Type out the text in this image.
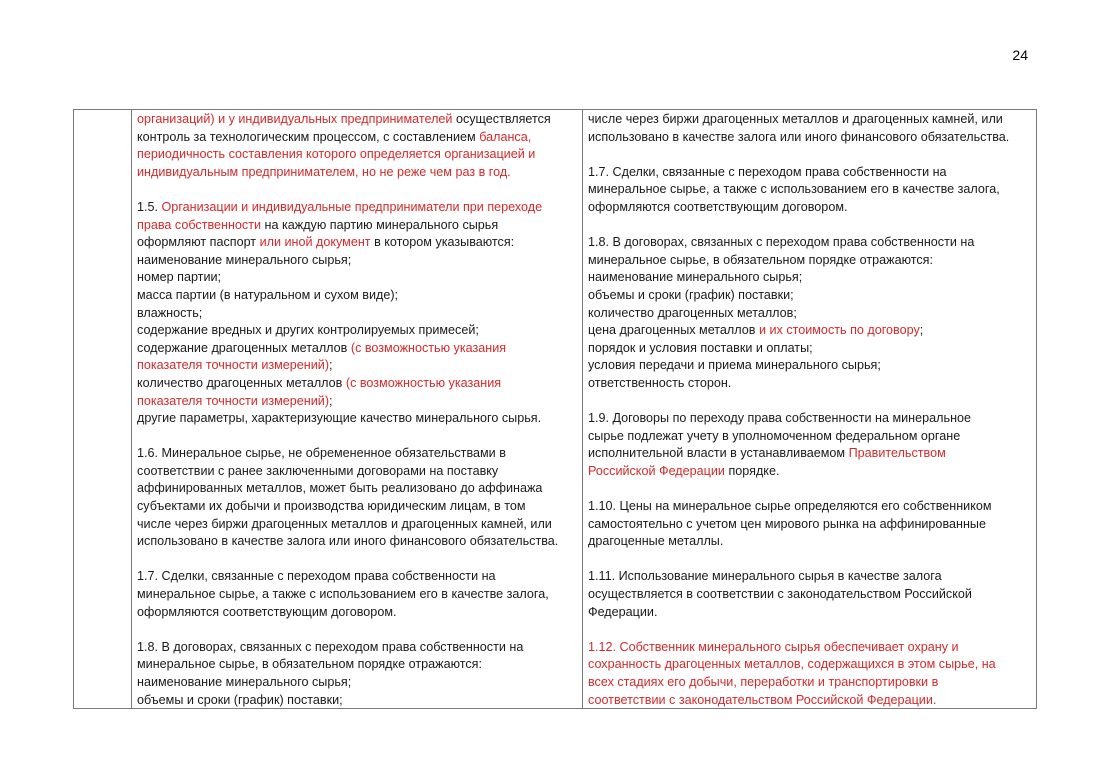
24

организаций) и у индивидуальных предпринимателей осуществляется
контроль за технологическим процессом, с составлением баланса,
периодичность составления которого определяется организацией и
индивидуальным предпринимателем, но не реже чем раз в год.

1.5. Организации и индивидуальные предприниматели при переходе
права собственности на каждую партию минерального сырья
оформляют паспорт или иной документ в котором указываются:
наименование минерального сырья;
номер партии;
масса партии (в натуральном и сухом виде);
влажность;
содержание вредных и других контролируемых примесей;
содержание драгоценных металлов (с возможностью указания
показателя точности измерений);
количество драгоценных металлов (с возможностью указания
показателя точности измерений);
другие параметры, характеризующие качество минерального сырья.

1.6. Минеральное сырье, не обремененное обязательствами в
соответствии с ранее заключенными договорами на поставку
аффинированных металлов, может быть реализовано до аффинажа
субъектами их добычи и производства юридическим лицам, в том
числе через биржи драгоценных металлов и драгоценных камней, или
использовано в качестве залога или иного финансового обязательства.

1.7. Сделки, связанные с переходом права собственности на
минеральное сырье, а также с использованием его в качестве залога,
оформляются соответствующим договором.

1.8. В договорах, связанных с переходом права собственности на
минеральное сырье, в обязательном порядке отражаются:
наименование минерального сырья;
объемы и сроки (график) поставки;

числе через биржи драгоценных металлов и драгоценных камней, или
использовано в качестве залога или иного финансового обязательства.

1.7. Сделки, связанные с переходом права собственности на
минеральное сырье, а также с использованием его в качестве залога,
оформляются соответствующим договором.

1.8. В договорах, связанных с переходом права собственности на
минеральное сырье, в обязательном порядке отражаются:
наименование минерального сырья;
объемы и сроки (график) поставки;
количество драгоценных металлов;
цена драгоценных металлов и их стоимость по договору;
порядок и условия поставки и оплаты;
условия передачи и приема минерального сырья;
ответственность сторон.

1.9. Договоры по переходу права собственности на минеральное
сырье подлежат учету в уполномоченном федеральном органе
исполнительной власти в устанавливаемом Правительством
Российской Федерации порядке.

1.10. Цены на минеральное сырье определяются его собственником
самостоятельно с учетом цен мирового рынка на аффинированные
драгоценные металлы.

1.11. Использование минерального сырья в качестве залога
осуществляется в соответствии с законодательством Российской
Федерации.

1.12. Собственник минерального сырья обеспечивает охрану и
сохранность драгоценных металлов, содержащихся в этом сырье, на
всех стадиях его добычи, переработки и транспортировки в
соответствии с законодательством Российской Федерации.
